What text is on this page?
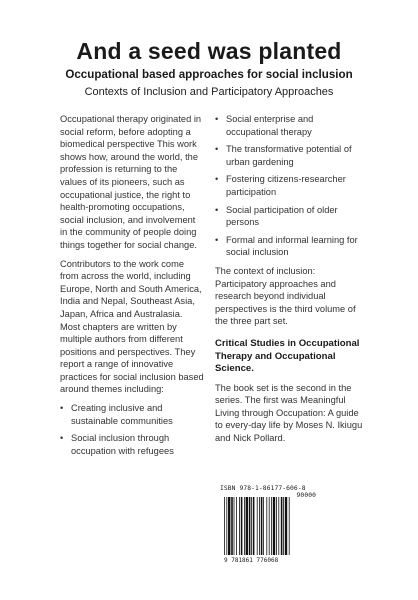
And a seed was planted

Occupational based approaches for social inclusion

Contexts of Inclusion and Participatory Approaches

Occupational therapy originated in social reform, before adopting a biomedical perspective This work shows how, around the world, the profession is returning to the values of its pioneers, such as occupational justice, the right to health-promoting occupations, social inclusion, and involvement in the community of people doing things together for social change.

Contributors to the work come from across the world, including Europe, North and South America, India and Nepal, Southeast Asia, Japan, Africa and Australasia. Most chapters are written by multiple authors from different positions and perspectives. They report a range of innovative practices for social inclusion based around themes including:

• Creating inclusive and sustainable communities
• Social inclusion through occupation with refugees
• Social enterprise and occupational therapy
• The transformative potential of urban gardening
• Fostering citizens-researcher participation
• Social participation of older persons
• Formal and informal learning for social inclusion

The context of inclusion: Participatory approaches and research beyond individual perspectives is the third volume of the three part set.

Critical Studies in Occupational Therapy and Occupational Science.

The book set is the second in the series. The first was Meaningful Living through Occupation: A guide to every-day life by Moses N. Ikiugu and Nick Pollard.

ISBN 978-1-86177-606-8
90000
9 781861 776068
